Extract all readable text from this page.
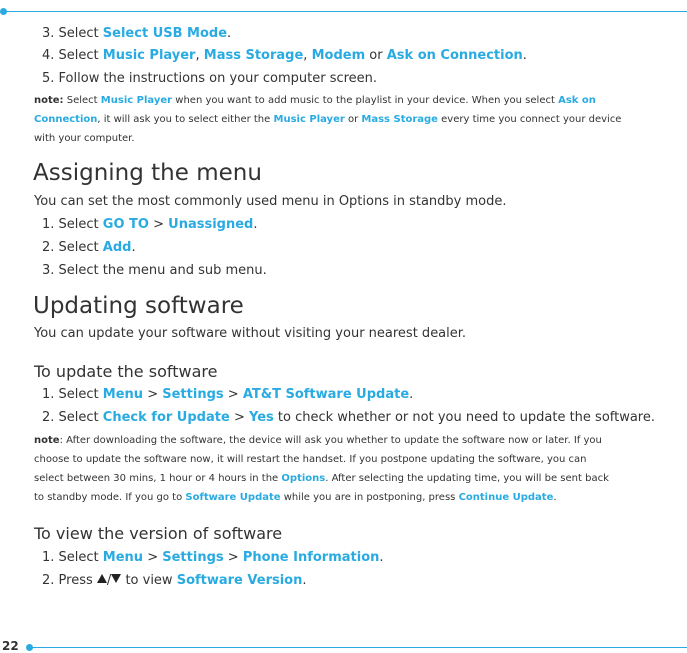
3. Select Select USB Mode.
4. Select Music Player, Mass Storage, Modem or Ask on Connection.
5. Follow the instructions on your computer screen.
note: Select Music Player when you want to add music to the playlist in your device. When you select Ask on
Connection, it will ask you to select either the Music Player or Mass Storage every time you connect your device
with your computer.
Assigning the menu
You can set the most commonly used menu in Options in standby mode.
1. Select GO TO > Unassigned.
2. Select Add.
3. Select the menu and sub menu.
Updating software
You can update your software without visiting your nearest dealer.
To update the software
1. Select Menu > Settings > AT&T Software Update.
2. Select Check for Update > Yes to check whether or not you need to update the software.
note: After downloading the software, the device will ask you whether to update the software now or later. If you
choose to update the software now, it will restart the handset. If you postpone updating the software, you can
select between 30 mins, 1 hour or 4 hours in the Options. After selecting the updating time, you will be sent back
to standby mode. If you go to Software Update while you are in postponing, press Continue Update.
To view the version of software
1. Select Menu > Settings > Phone Information.
2. Press / to view Software Version.
22
